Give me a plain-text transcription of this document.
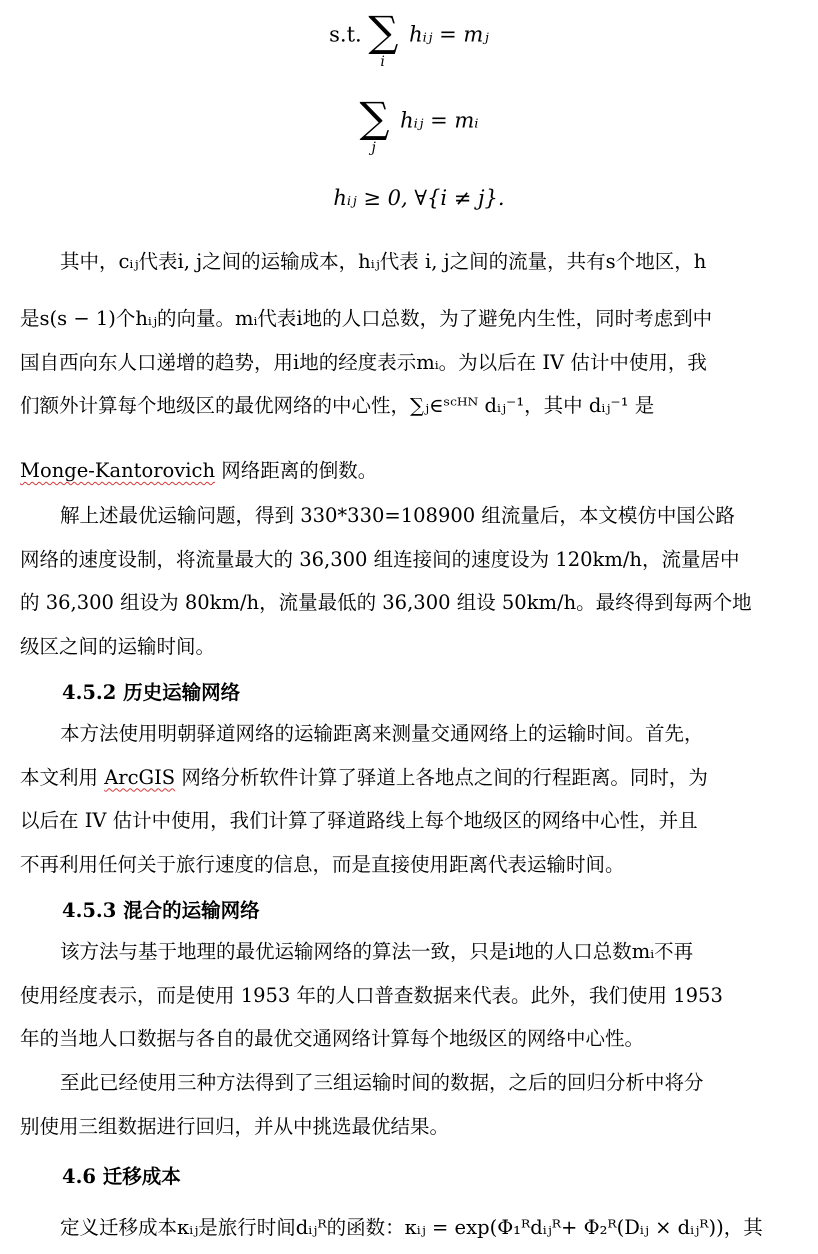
s.t. ∑
i
hᵢⱼ = mⱼ
∑
j
hᵢⱼ = mᵢ
hᵢⱼ ≥ 0, ∀{i ≠ j}.
其中，cᵢⱼ代表i, j之间的运输成本，hᵢⱼ代表 i, j之间的流量，共有s个地区，h
是s(s − 1)个hᵢⱼ的向量。mᵢ代表i地的人口总数，为了避免内生性，同时考虑到中
国自西向东人口递增的趋势，用i地的经度表示mᵢ。为以后在 IV 估计中使用，我
们额外计算每个地级区的最优网络的中心性，∑ⱼ∈ˢᶜᴴᴺ dᵢⱼ⁻¹，其中 dᵢⱼ⁻¹ 是
Monge-Kantorovich 网络距离的倒数。
解上述最优运输问题，得到 330*330=108900 组流量后，本文模仿中国公路
网络的速度设制，将流量最大的 36,300 组连接间的速度设为 120km/h，流量居中
的 36,300 组设为 80km/h，流量最低的 36,300 组设 50km/h。最终得到每两个地
级区之间的运输时间。
4.5.2 历史运输网络
本方法使用明朝驿道网络的运输距离来测量交通网络上的运输时间。首先，
本文利用 ArcGIS 网络分析软件计算了驿道上各地点之间的行程距离。同时，为
以后在 IV 估计中使用，我们计算了驿道路线上每个地级区的网络中心性，并且
不再利用任何关于旅行速度的信息，而是直接使用距离代表运输时间。
4.5.3 混合的运输网络
该方法与基于地理的最优运输网络的算法一致，只是i地的人口总数mᵢ不再
使用经度表示，而是使用 1953 年的人口普查数据来代表。此外，我们使用 1953
年的当地人口数据与各自的最优交通网络计算每个地级区的网络中心性。
至此已经使用三种方法得到了三组运输时间的数据，之后的回归分析中将分
别使用三组数据进行回归，并从中挑选最优结果。
4.6 迁移成本
定义迁移成本κᵢⱼ是旅行时间dᵢⱼᴿ的函数：κᵢⱼ = exp(Φ₁ᴿdᵢⱼᴿ+ Φ₂ᴿ(Dᵢⱼ × dᵢⱼᴿ))，其
